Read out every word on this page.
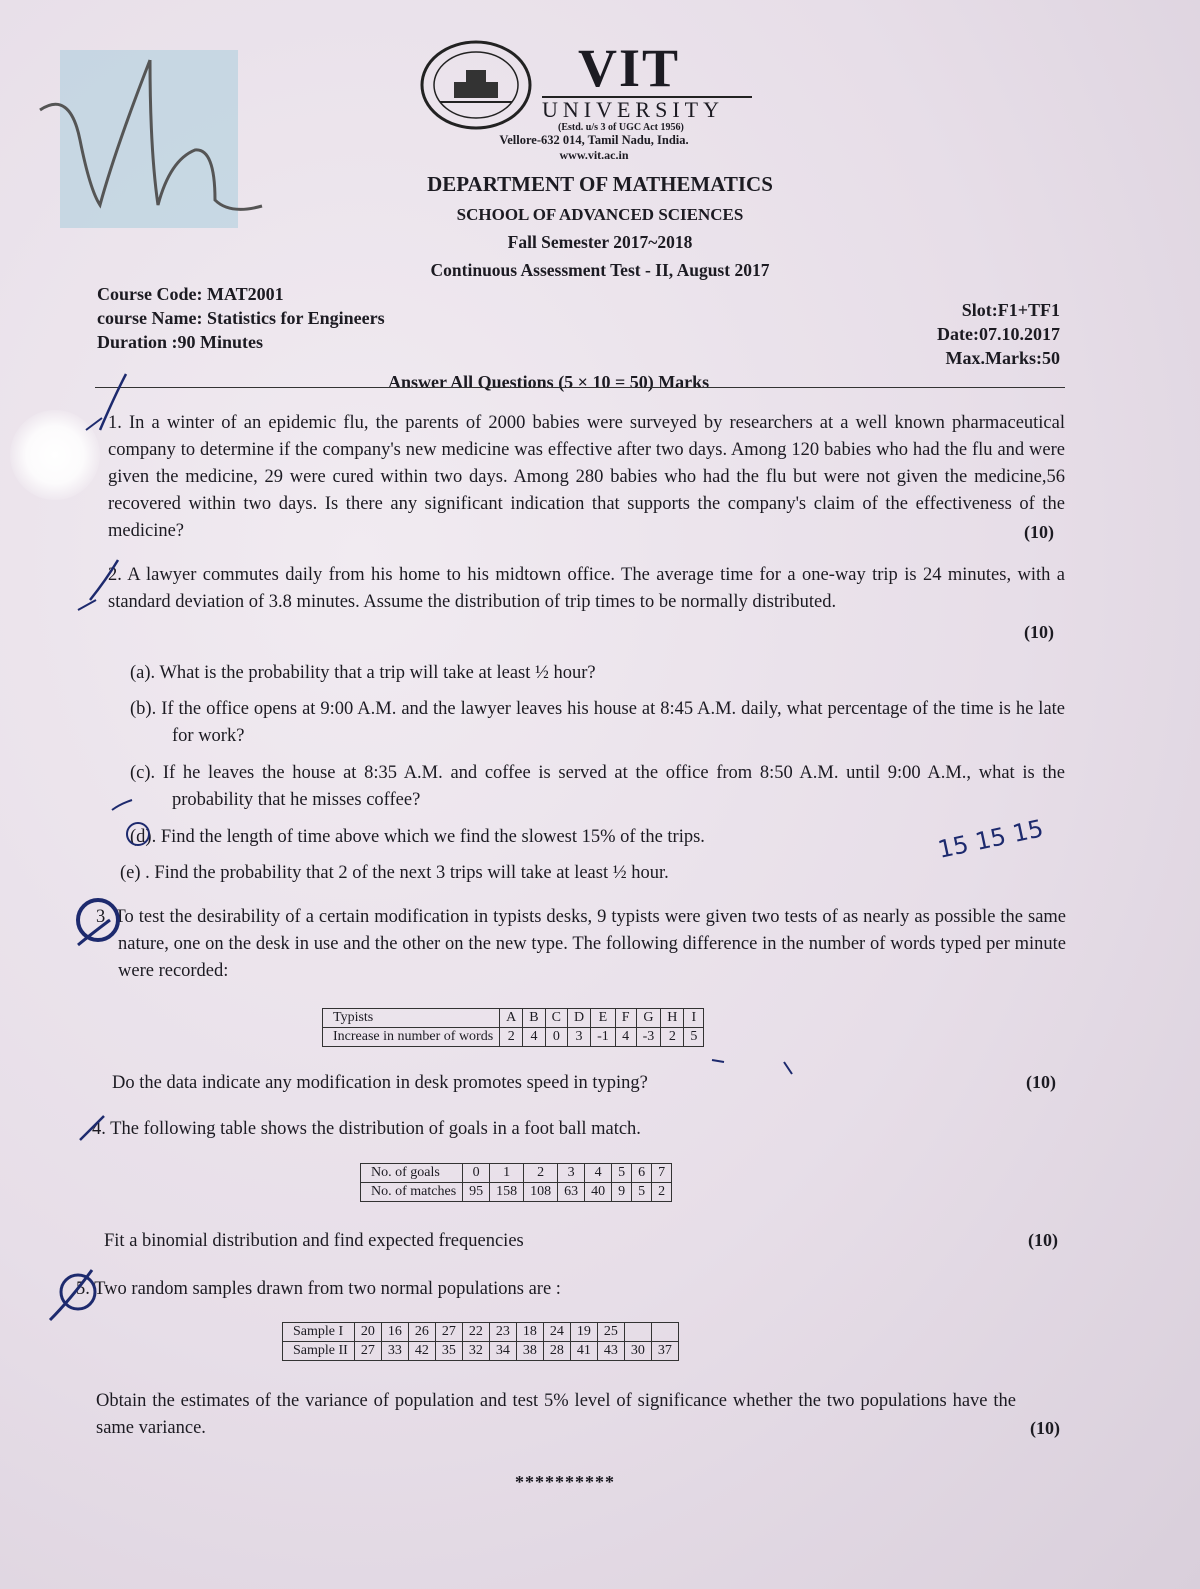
VIT
UNIVERSITY
(Estd. u/s 3 of UGC Act 1956)
Vellore-632 014, Tamil Nadu, India.
www.vit.ac.in
DEPARTMENT OF MATHEMATICS
SCHOOL OF ADVANCED SCIENCES
Fall Semester 2017~2018
Continuous Assessment Test - II, August 2017
Course Code: MAT2001
course Name: Statistics for Engineers
Duration :90 Minutes
Slot:F1+TF1
Date:07.10.2017
Max.Marks:50
Answer All Questions (5 × 10 = 50) Marks
1. In a winter of an epidemic flu, the parents of 2000 babies were surveyed by researchers at a well known pharmaceutical company to determine if the company's new medicine was effective after two days. Among 120 babies who had the flu and were given the medicine, 29 were cured within two days. Among 280 babies who had the flu but were not given the medicine,56 recovered within two days. Is there any significant indication that supports the company's claim of the effectiveness of the medicine?	(10)
2. A lawyer commutes daily from his home to his midtown office. The average time for a one-way trip is 24 minutes, with a standard deviation of 3.8 minutes. Assume the distribution of trip times to be normally distributed.
(10)
(a). What is the probability that a trip will take at least ½ hour?
(b). If the office opens at 9:00 A.M. and the lawyer leaves his house at 8:45 A.M. daily, what percentage of the time is he late for work?
(c). If he leaves the house at 8:35 A.M. and coffee is served at the office from 8:50 A.M. until 9:00 A.M., what is the probability that he misses coffee?
(d). Find the length of time above which we find the slowest 15% of the trips.
(e) . Find the probability that 2 of the next 3 trips will take at least ½ hour.
3. To test the desirability of a certain modification in typists desks, 9 typists were given two tests of as nearly as possible the same nature, one on the desk in use and the other on the new type. The following difference in the number of words typed per minute were recorded:
Typists	A	B	C	D	E	F	G	H	I
Increase in number of words	2	4	0	3	-1	4	-3	2	5
Do the data indicate any modification in desk promotes speed in typing?	(10)
4. The following table shows the distribution of goals in a foot ball match.
No. of goals	0	1	2	3	4	5	6	7
No. of matches	95	158	108	63	40	9	5	2
Fit a binomial distribution and find expected frequencies	(10)
5. Two random samples drawn from two normal populations are :
Sample I	20	16	26	27	22	23	18	24	19	25		
Sample II	27	33	42	35	32	34	38	28	41	43	30	37
Obtain the estimates of the variance of population and test 5% level of significance whether the two populations have the same variance.	(10)
**********
15 15 15
